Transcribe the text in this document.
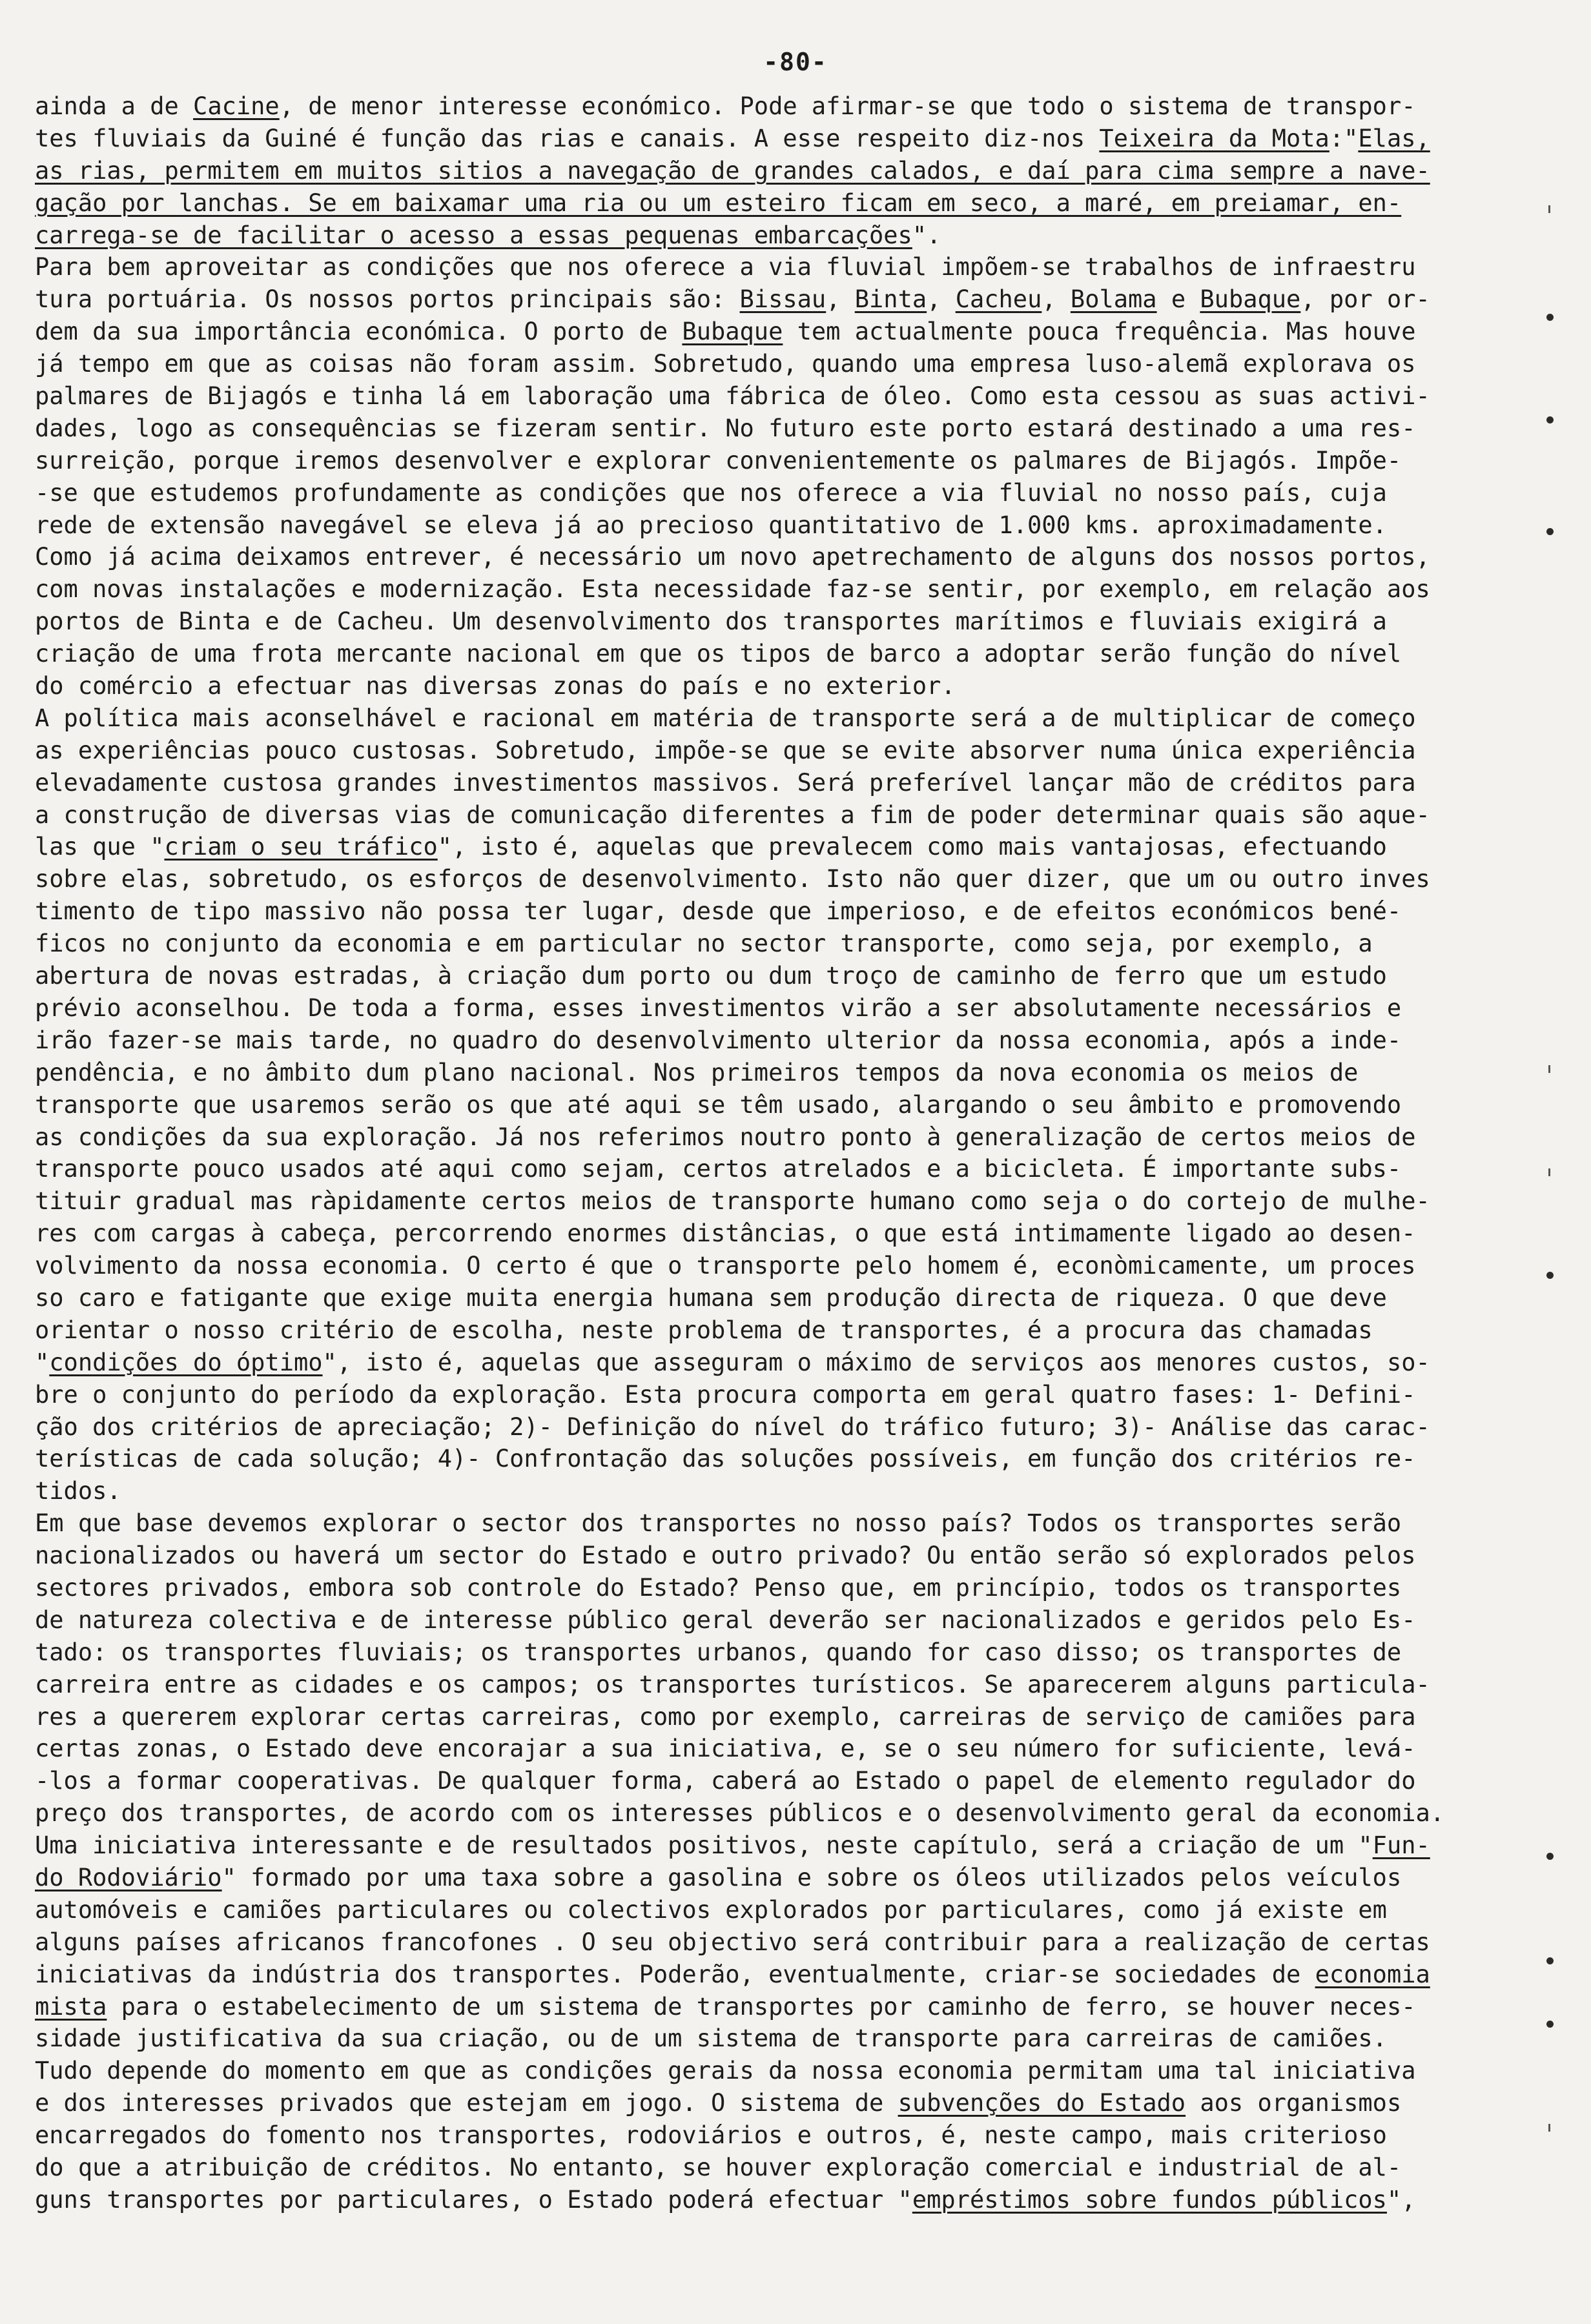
-80-
ainda a de Cacine, de menor interesse económico. Pode afirmar-se que todo o sistema de transpor-
tes fluviais da Guiné é função das rias e canais. A esse respeito diz-nos Teixeira da Mota:"Elas,
as rias, permitem em muitos sitios a navegação de grandes calados, e daí para cima sempre a nave-
gação por lanchas. Se em baixamar uma ria ou um esteiro ficam em seco, a maré, em preiamar, en-
carrega-se de facilitar o acesso a essas pequenas embarcações".
Para bem aproveitar as condições que nos oferece a via fluvial impõem-se trabalhos de infraestru
tura portuária. Os nossos portos principais são: Bissau, Binta, Cacheu, Bolama e Bubaque, por or-
dem da sua importância económica. O porto de Bubaque tem actualmente pouca frequência. Mas houve
já tempo em que as coisas não foram assim. Sobretudo, quando uma empresa luso-alemã explorava os
palmares de Bijagós e tinha lá em laboração uma fábrica de óleo. Como esta cessou as suas activi-
dades, logo as consequências se fizeram sentir. No futuro este porto estará destinado a uma res-
surreição, porque iremos desenvolver e explorar convenientemente os palmares de Bijagós. Impõe-
-se que estudemos profundamente as condições que nos oferece a via fluvial no nosso país, cuja
rede de extensão navegável se eleva já ao precioso quantitativo de 1.000 kms. aproximadamente.
Como já acima deixamos entrever, é necessário um novo apetrechamento de alguns dos nossos portos,
com novas instalações e modernização. Esta necessidade faz-se sentir, por exemplo, em relação aos
portos de Binta e de Cacheu. Um desenvolvimento dos transportes marítimos e fluviais exigirá a
criação de uma frota mercante nacional em que os tipos de barco a adoptar serão função do nível
do comércio a efectuar nas diversas zonas do país e no exterior.
A política mais aconselhável e racional em matéria de transporte será a de multiplicar de começo
as experiências pouco custosas. Sobretudo, impõe-se que se evite absorver numa única experiência
elevadamente custosa grandes investimentos massivos. Será preferível lançar mão de créditos para
a construção de diversas vias de comunicação diferentes a fim de poder determinar quais são aque-
las que "criam o seu tráfico", isto é, aquelas que prevalecem como mais vantajosas, efectuando
sobre elas, sobretudo, os esforços de desenvolvimento. Isto não quer dizer, que um ou outro inves
timento de tipo massivo não possa ter lugar, desde que imperioso, e de efeitos económicos bené-
ficos no conjunto da economia e em particular no sector transporte, como seja, por exemplo, a
abertura de novas estradas, à criação dum porto ou dum troço de caminho de ferro que um estudo
prévio aconselhou. De toda a forma, esses investimentos virão a ser absolutamente necessários e
irão fazer-se mais tarde, no quadro do desenvolvimento ulterior da nossa economia, após a inde-
pendência, e no âmbito dum plano nacional. Nos primeiros tempos da nova economia os meios de
transporte que usaremos serão os que até aqui se têm usado, alargando o seu âmbito e promovendo
as condições da sua exploração. Já nos referimos noutro ponto à generalização de certos meios de
transporte pouco usados até aqui como sejam, certos atrelados e a bicicleta. É importante subs-
tituir gradual mas ràpidamente certos meios de transporte humano como seja o do cortejo de mulhe-
res com cargas à cabeça, percorrendo enormes distâncias, o que está intimamente ligado ao desen-
volvimento da nossa economia. O certo é que o transporte pelo homem é, econòmicamente, um proces
so caro e fatigante que exige muita energia humana sem produção directa de riqueza. O que deve
orientar o nosso critério de escolha, neste problema de transportes, é a procura das chamadas
"condições do óptimo", isto é, aquelas que asseguram o máximo de serviços aos menores custos, so-
bre o conjunto do período da exploração. Esta procura comporta em geral quatro fases: 1- Defini-
ção dos critérios de apreciação; 2)- Definição do nível do tráfico futuro; 3)- Análise das carac-
terísticas de cada solução; 4)- Confrontação das soluções possíveis, em função dos critérios re-
tidos.
Em que base devemos explorar o sector dos transportes no nosso país? Todos os transportes serão
nacionalizados ou haverá um sector do Estado e outro privado? Ou então serão só explorados pelos
sectores privados, embora sob controle do Estado? Penso que, em princípio, todos os transportes
de natureza colectiva e de interesse público geral deverão ser nacionalizados e geridos pelo Es-
tado: os transportes fluviais; os transportes urbanos, quando for caso disso; os transportes de
carreira entre as cidades e os campos; os transportes turísticos. Se aparecerem alguns particula-
res a quererem explorar certas carreiras, como por exemplo, carreiras de serviço de camiões para
certas zonas, o Estado deve encorajar a sua iniciativa, e, se o seu número for suficiente, levá-
-los a formar cooperativas. De qualquer forma, caberá ao Estado o papel de elemento regulador do
preço dos transportes, de acordo com os interesses públicos e o desenvolvimento geral da economia.
Uma iniciativa interessante e de resultados positivos, neste capítulo, será a criação de um "Fun-
do Rodoviário" formado por uma taxa sobre a gasolina e sobre os óleos utilizados pelos veículos
automóveis e camiões particulares ou colectivos explorados por particulares, como já existe em
alguns países africanos francofones . O seu objectivo será contribuir para a realização de certas
iniciativas da indústria dos transportes. Poderão, eventualmente, criar-se sociedades de economia
mista para o estabelecimento de um sistema de transportes por caminho de ferro, se houver neces-
sidade justificativa da sua criação, ou de um sistema de transporte para carreiras de camiões.
Tudo depende do momento em que as condições gerais da nossa economia permitam uma tal iniciativa
e dos interesses privados que estejam em jogo. O sistema de subvenções do Estado aos organismos
encarregados do fomento nos transportes, rodoviários e outros, é, neste campo, mais criterioso
do que a atribuição de créditos. No entanto, se houver exploração comercial e industrial de al-
guns transportes por particulares, o Estado poderá efectuar "empréstimos sobre fundos públicos",
